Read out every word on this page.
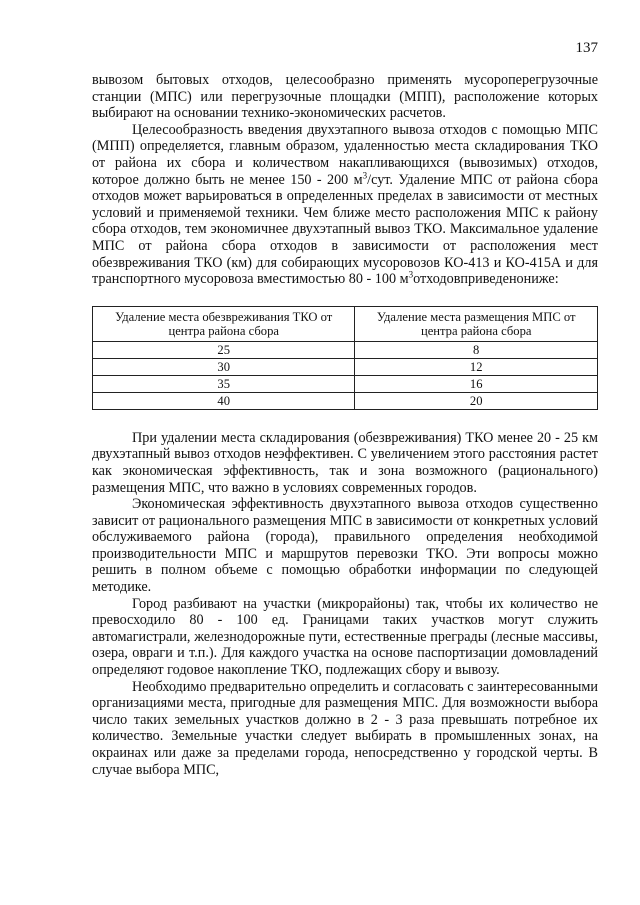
137

вывозом бытовых отходов, целесообразно применять мусороперегрузочные станции (МПС) или перегрузочные площадки (МПП), расположение которых выбирают на основании технико-экономических расчетов.

Целесообразность введения двухэтапного вывоза отходов с помощью МПС (МПП) определяется, главным образом, удаленностью места складирования ТКО от района их сбора и количеством накапливающихся (вывозимых) отходов, которое должно быть не менее 150 - 200 $м^3$/сут. Удаление МПС от района сбора отходов может варьироваться в определенных пределах в зависимости от местных условий и применяемой техники. Чем ближе место расположения МПС к району сбора отходов, тем экономичнее двухэтапный вывоз ТКО. Максимальное удаление МПС от района сбора отходов в зависимости от расположения мест обезвреживания ТКО (км) для собирающих мусоровозов КО-413 и КО-415А и для транспортного мусоровоза вместимостью 80 - 100 $м^3отходовприведенониже$:

Удаление места обезвреживания ТКО от центра района сбора	Удаление места размещения МПС от центра района сбора
25	8
30	12
35	16
40	20

При удалении места складирования (обезвреживания) ТКО менее 20 - 25 км двухэтапный вывоз отходов неэффективен. С увеличением этого расстояния растет как экономическая эффективность, так и зона возможного (рационального) размещения МПС, что важно в условиях современных городов.

Экономическая эффективность двухэтапного вывоза отходов существенно зависит от рационального размещения МПС в зависимости от конкретных условий обслуживаемого района (города), правильного определения необходимой производительности МПС и маршрутов перевозки ТКО. Эти вопросы можно решить в полном объеме с помощью обработки информации по следующей методике.

Город разбивают на участки (микрорайоны) так, чтобы их количество не превосходило 80 - 100 ед. Границами таких участков могут служить автомагистрали, железнодорожные пути, естественные преграды (лесные массивы, озера, овраги и т.п.). Для каждого участка на основе паспортизации домовладений определяют годовое накопление ТКО, подлежащих сбору и вывозу.

Необходимо предварительно определить и согласовать с заинтересованными организациями места, пригодные для размещения МПС. Для возможности выбора число таких земельных участков должно в 2 - 3 раза превышать потребное их количество. Земельные участки следует выбирать в промышленных зонах, на окраинах или даже за пределами города, непосредственно у городской черты. В случае выбора МПС,
